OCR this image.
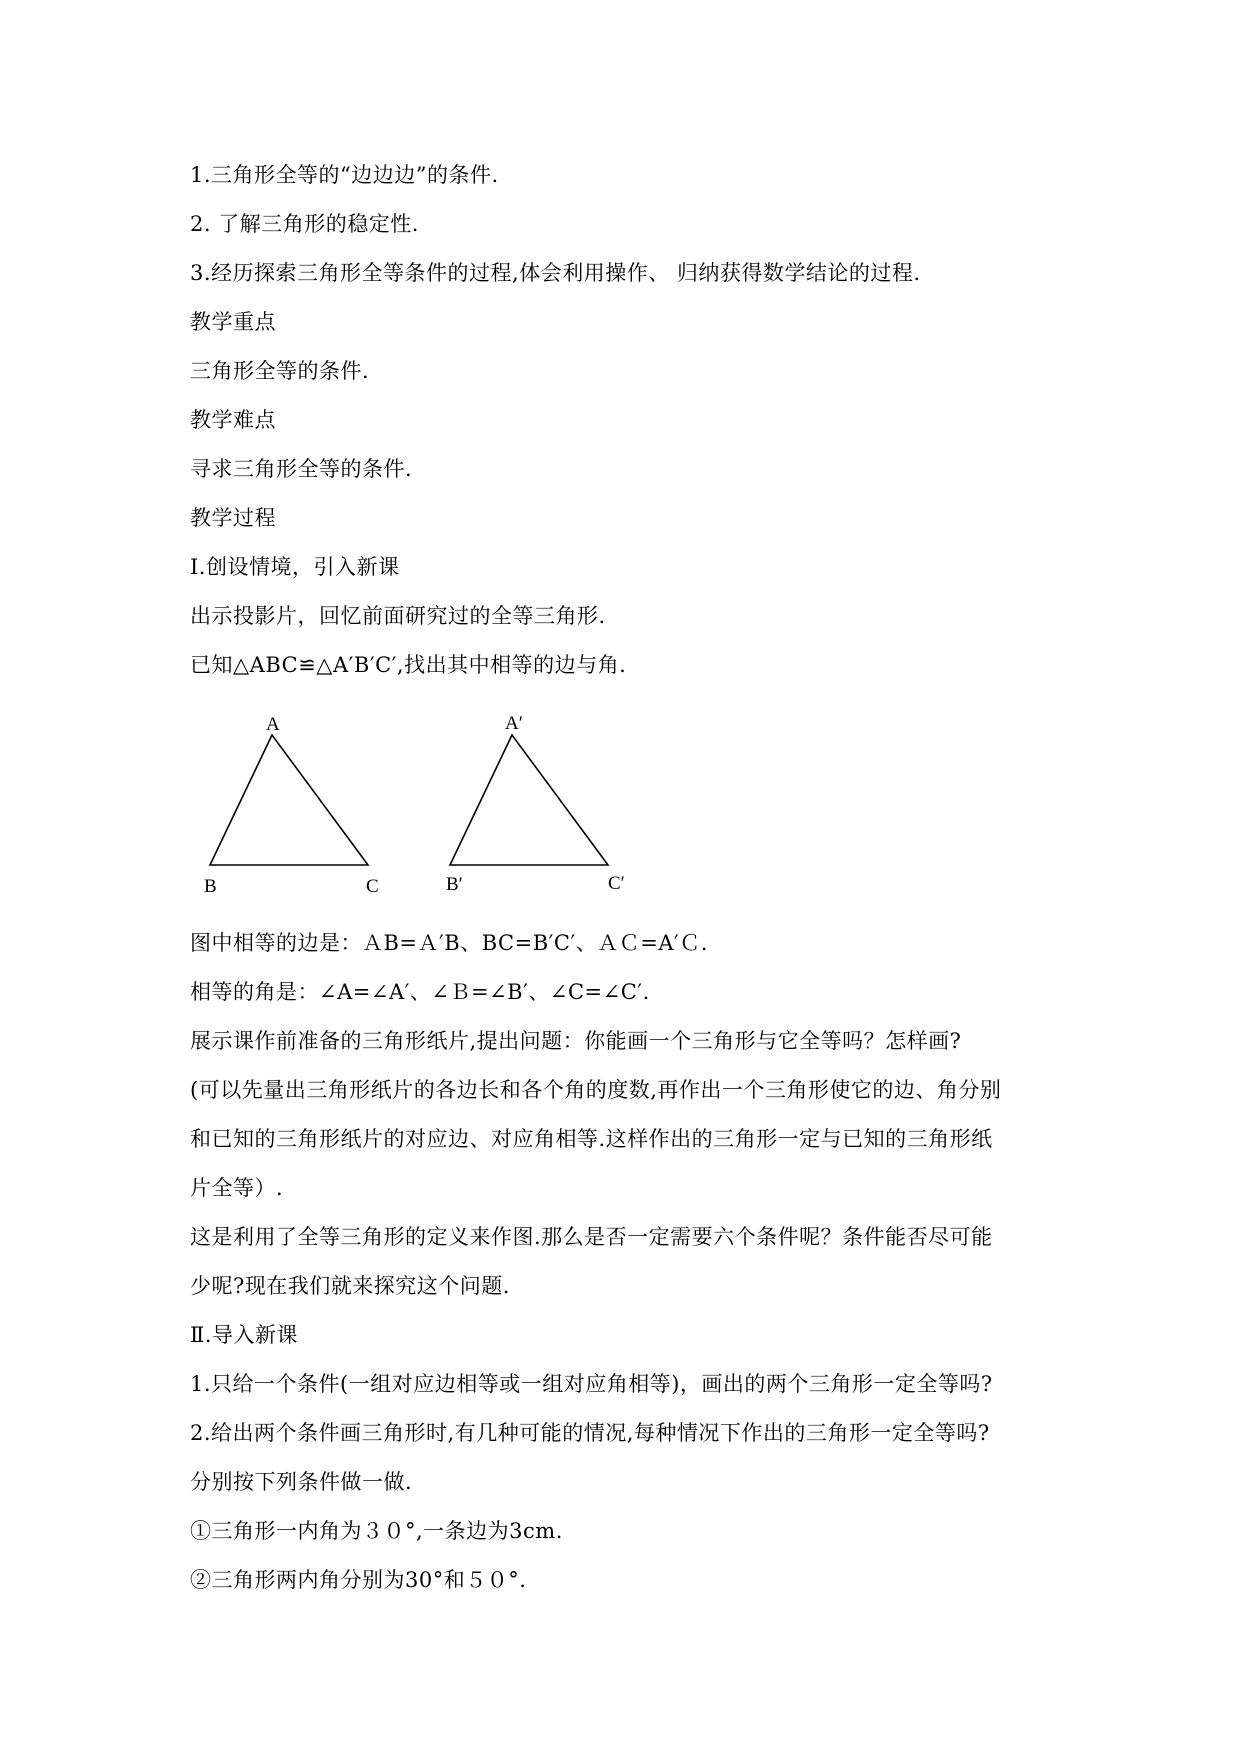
1.三角形全等的“边边边”的条件.
2. 了解三角形的稳定性.
3.经历探索三角形全等条件的过程,体会利用操作、 归纳获得数学结论的过程.
教学重点
三角形全等的条件.
教学难点
寻求三角形全等的条件.
教学过程
Ⅰ.创设情境，引入新课
出示投影片，回忆前面研究过的全等三角形.
已知△ABC≌△A′B′C′,找出其中相等的边与角.
A
B	C
A′
B′	C′
图中相等的边是：ＡB=Ａ′B、BC=B′C′、ＡＣ=A′Ｃ.
相等的角是：∠A=∠A′、∠Ｂ=∠B′、∠C=∠C′.
展示课作前准备的三角形纸片,提出问题：你能画一个三角形与它全等吗？怎样画?
(可以先量出三角形纸片的各边长和各个角的度数,再作出一个三角形使它的边、角分别
和已知的三角形纸片的对应边、对应角相等.这样作出的三角形一定与已知的三角形纸
片全等）.
这是利用了全等三角形的定义来作图.那么是否一定需要六个条件呢？条件能否尽可能
少呢?现在我们就来探究这个问题.
Ⅱ.导入新课
1.只给一个条件(一组对应边相等或一组对应角相等)，画出的两个三角形一定全等吗?
2.给出两个条件画三角形时,有几种可能的情况,每种情况下作出的三角形一定全等吗?
分别按下列条件做一做.
①三角形一内角为３０°,一条边为3cm.
②三角形两内角分别为30°和５０°.
